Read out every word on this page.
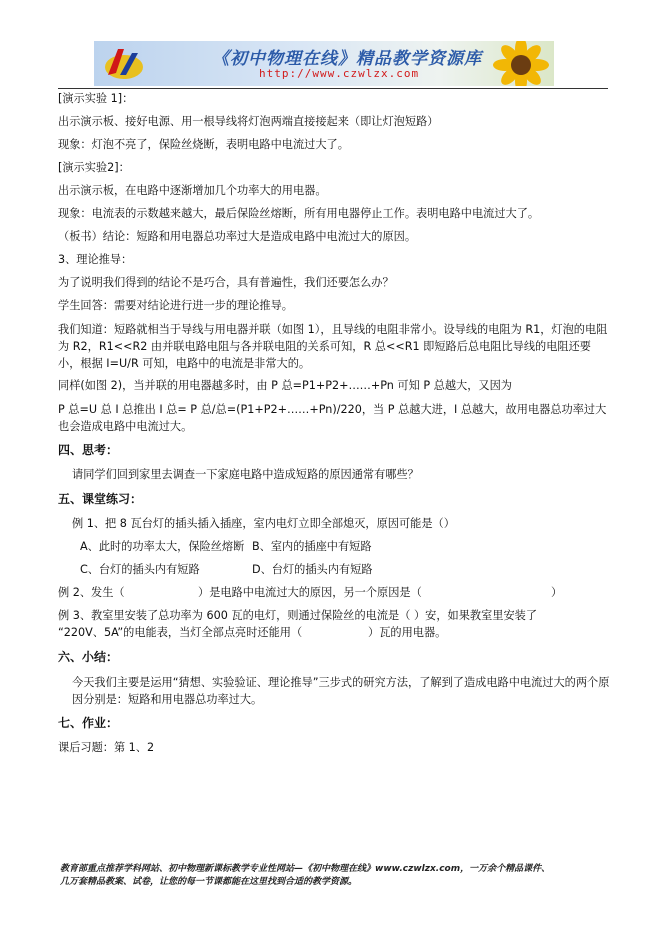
《初中物理在线》精品教学资源库
http://www.czwlzx.com

[演示实验 1]：

出示演示板、接好电源、用一根导线将灯泡两端直接接起来（即让灯泡短路）

现象：灯泡不亮了，保险丝烧断，表明电路中电流过大了。

[演示实验2]：

出示演示板，在电路中逐渐增加几个功率大的用电器。

现象：电流表的示数越来越大，最后保险丝熔断，所有用电器停止工作。表明电路中电流过大了。

（板书）结论：短路和用电器总功率过大是造成电路中电流过大的原因。

3、理论推导：

为了说明我们得到的结论不是巧合，具有普遍性，我们还要怎么办？

学生回答：需要对结论进行进一步的理论推导。

我们知道：短路就相当于导线与用电器并联（如图 1），且导线的电阻非常小。设导线的电阻为 R1，灯泡的电阻为 R2，R1<<R2 由并联电路电阻与各并联电阻的关系可知，R 总<<R1 即短路后总电阻比导线的电阻还要小，根据 I=U/R 可知，电路中的电流是非常大的。

同样(如图 2)，当并联的用电器越多时，由 P 总=P1+P2+……+Pn 可知 P 总越大，又因为

P 总=U 总 I 总推出 I 总= P 总/总=(P1+P2+……+Pn)/220，当 P 总越大进，I 总越大，故用电器总功率过大也会造成电路中电流过大。

四、思考：

请同学们回到家里去调查一下家庭电路中造成短路的原因通常有哪些？

五、课堂练习：

例 1、把 8 瓦台灯的插头插入插座，室内电灯立即全部熄灭，原因可能是（）

A、此时的功率太大，保险丝熔断 B、室内的插座中有短路

C、台灯的插头内有短路	D、台灯的插头内有短路

例 2、发生（	）是电路中电流过大的原因，另一个原因是（	）

例 3、教室里安装了总功率为 600 瓦的电灯，则通过保险丝的电流是（ ）安，如果教室里安装了

“220V、5A”的电能表，当灯全部点亮时还能用（	）瓦的用电器。

六、小结：

今天我们主要是运用“猜想、实验验证、理论推导”三步式的研究方法，了解到了造成电路中电流过大的两个原因分别是：短路和用电器总功率过大。

七、作业：

课后习题：第 1、2

教育部重点推荐学科网站、初中物理新课标教学专业性网站—《初中物理在线》www.czwlzx.com，一万余个精品课件、
几万套精品教案、试卷，让您的每一节课都能在这里找到合适的教学资源。
